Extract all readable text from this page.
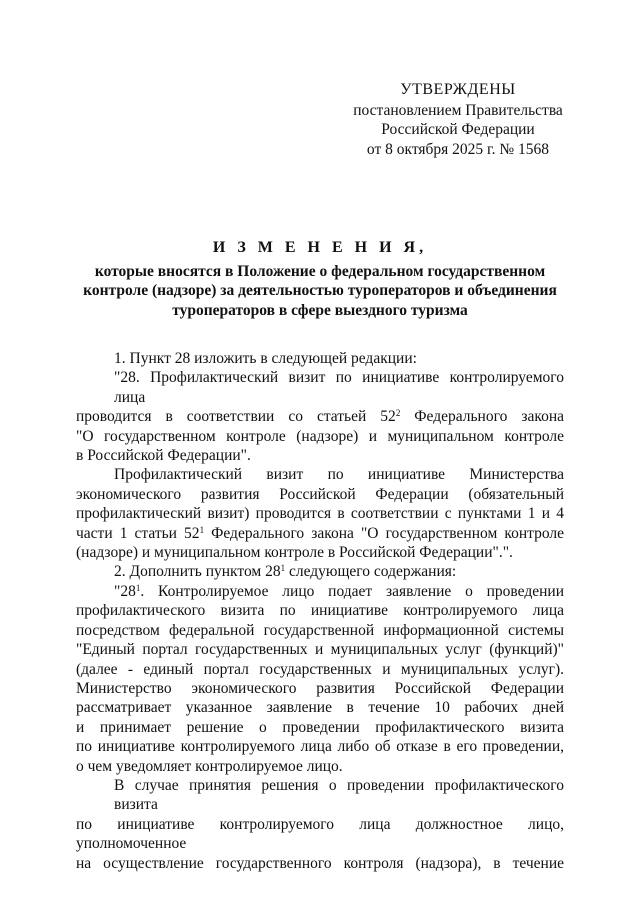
УТВЕРЖДЕНЫ
постановлением Правительства
Российской Федерации
от 8 октября 2025 г. № 1568
И З М Е Н Е Н И Я,
которые вносятся в Положение о федеральном государственном
контроле (надзоре) за деятельностью туроператоров и объединения
туроператоров в сфере выездного туризма

1. Пункт 28 изложить в следующей редакции:

"28. Профилактический визит по инициативе контролируемого лица

проводится в соответствии со статьей $52^2$ Федерального закона

"О государственном контроле (надзоре) и муниципальном контроле

в Российской Федерации".

Профилактический визит по инициативе Министерства

экономического развития Российской Федерации (обязательный

профилактический визит) проводится в соответствии с пунктами 1 и 4

части 1 статьи $52^1$ Федерального закона "О государственном контроле

(надзоре) и муниципальном контроле в Российской Федерации".".

2. Дополнить пунктом $28^1$ следующего содержания:

"$28^1$. Контролируемое лицо подает заявление о проведении

профилактического визита по инициативе контролируемого лица

посредством федеральной государственной информационной системы

"Единый портал государственных и муниципальных услуг (функций)"

(далее - единый портал государственных и муниципальных услуг).

Министерство экономического развития Российской Федерации

рассматривает указанное заявление в течение 10 рабочих дней

и принимает решение о проведении профилактического визита

по инициативе контролируемого лица либо об отказе в его проведении,

о чем уведомляет контролируемое лицо.

В случае принятия решения о проведении профилактического визита

по инициативе контролируемого лица должностное лицо, уполномоченное

на осуществление государственного контроля (надзора), в течение
